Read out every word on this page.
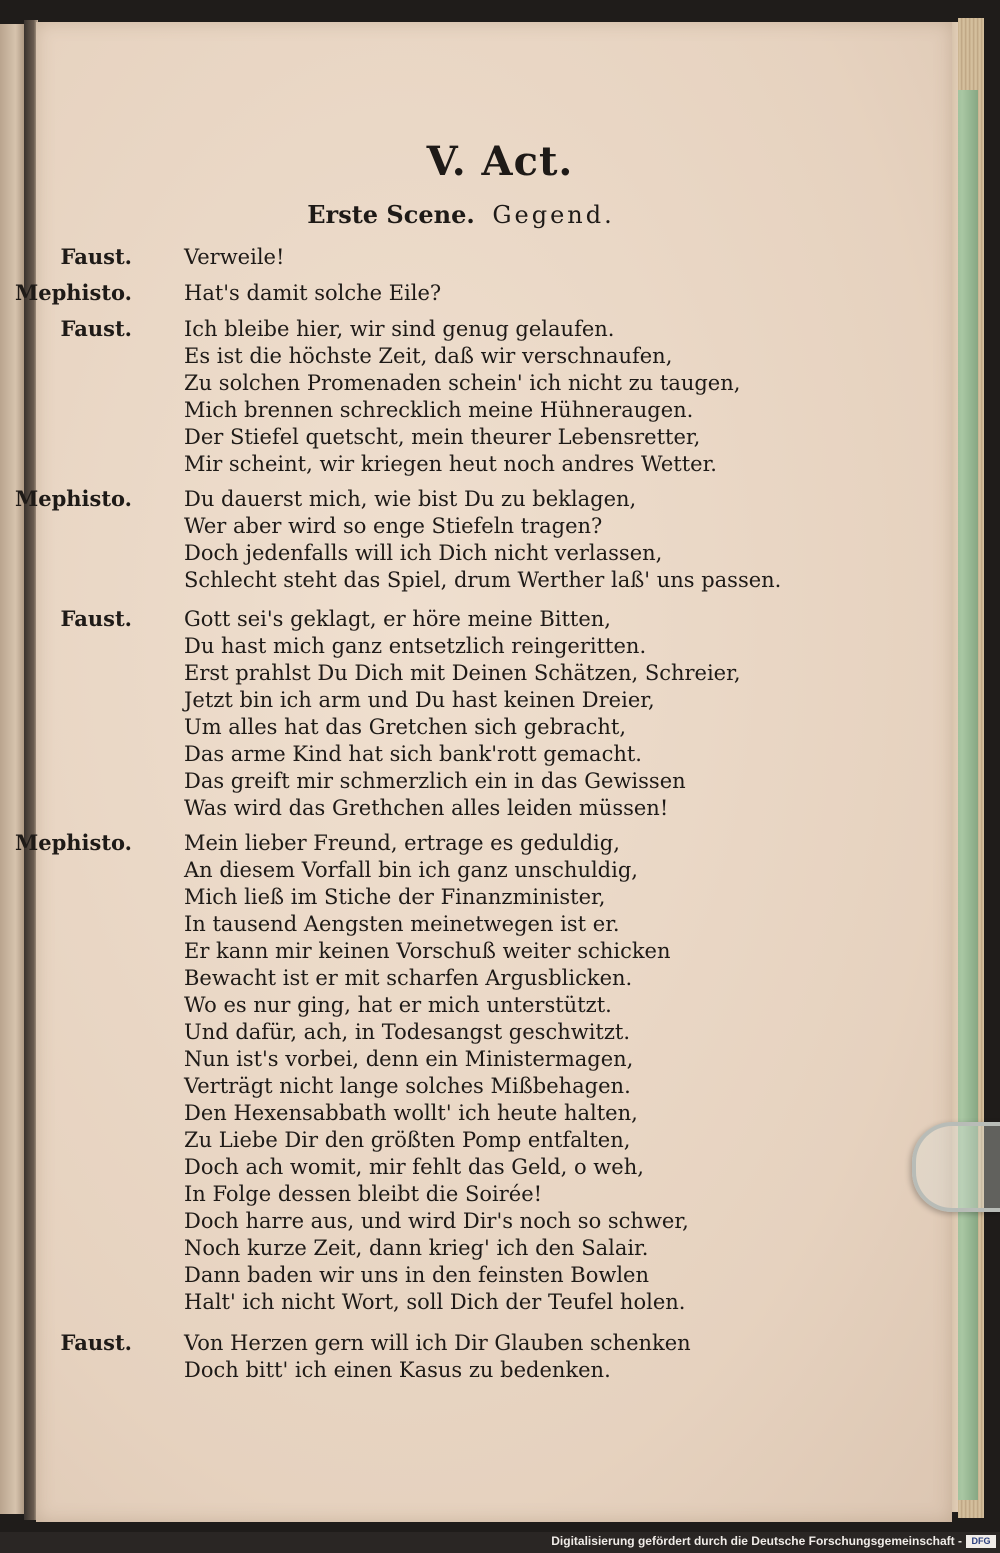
V. Act.
Erste Scene. Gegend.
Faust. Verweile!
Mephisto. Hat's damit solche Eile?
Faust. Ich bleibe hier, wir sind genug gelaufen.
Es ist die höchste Zeit, daß wir verschnaufen,
Zu solchen Promenaden schein' ich nicht zu taugen,
Mich brennen schrecklich meine Hühneraugen.
Der Stiefel quetscht, mein theurer Lebensretter,
Mir scheint, wir kriegen heut noch andres Wetter.
Mephisto. Du dauerst mich, wie bist Du zu beklagen,
Wer aber wird so enge Stiefeln tragen?
Doch jedenfalls will ich Dich nicht verlassen,
Schlecht steht das Spiel, drum Werther laß' uns passen.
Faust. Gott sei's geklagt, er höre meine Bitten,
Du hast mich ganz entsetzlich reingeritten.
Erst prahlst Du Dich mit Deinen Schätzen, Schreier,
Jetzt bin ich arm und Du hast keinen Dreier,
Um alles hat das Gretchen sich gebracht,
Das arme Kind hat sich bank'rott gemacht.
Das greift mir schmerzlich ein in das Gewissen
Was wird das Grethchen alles leiden müssen!
Mephisto. Mein lieber Freund, ertrage es geduldig,
An diesem Vorfall bin ich ganz unschuldig,
Mich ließ im Stiche der Finanzminister,
In tausend Aengsten meinetwegen ist er.
Er kann mir keinen Vorschuß weiter schicken
Bewacht ist er mit scharfen Argusblicken.
Wo es nur ging, hat er mich unterstützt.
Und dafür, ach, in Todesangst geschwitzt.
Nun ist's vorbei, denn ein Ministermagen,
Verträgt nicht lange solches Mißbehagen.
Den Hexensabbath wollt' ich heute halten,
Zu Liebe Dir den größten Pomp entfalten,
Doch ach womit, mir fehlt das Geld, o weh,
In Folge dessen bleibt die Soirée!
Doch harre aus, und wird Dir's noch so schwer,
Noch kurze Zeit, dann krieg' ich den Salair.
Dann baden wir uns in den feinsten Bowlen
Halt' ich nicht Wort, soll Dich der Teufel holen.
Faust. Von Herzen gern will ich Dir Glauben schenken
Doch bitt' ich einen Kasus zu bedenken.
Digitalisierung gefördert durch die Deutsche Forschungsgemeinschaft -	DFG
